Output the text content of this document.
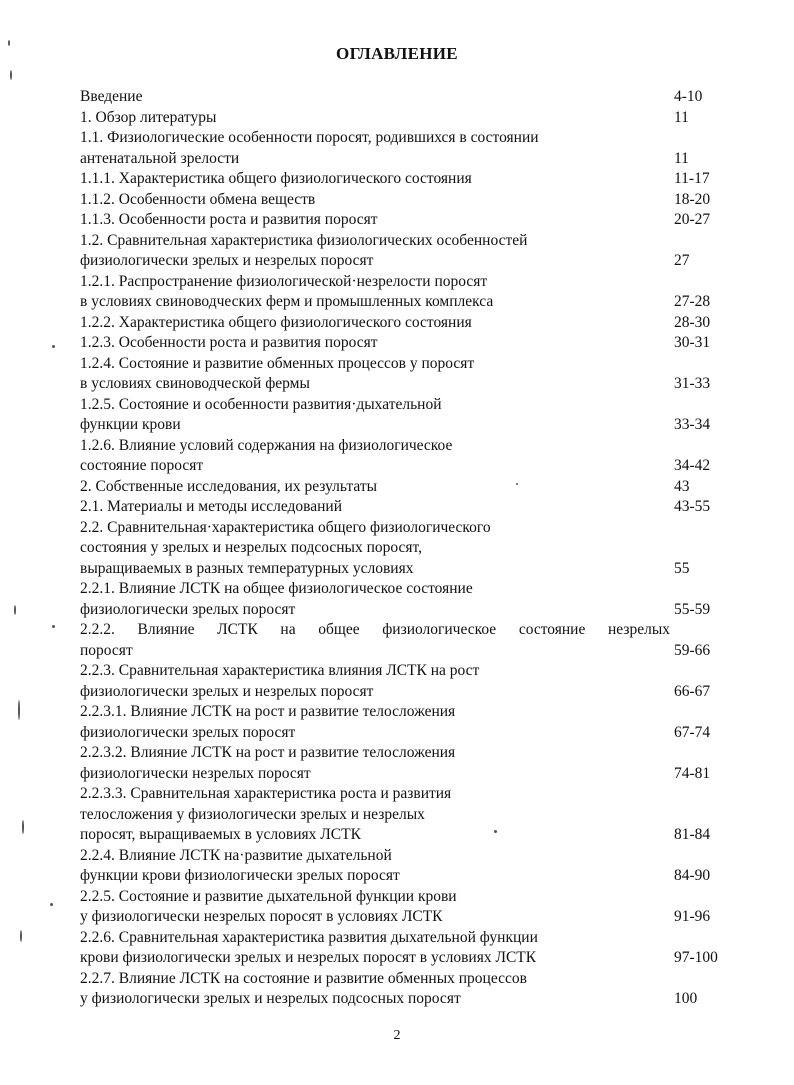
ОГЛАВЛЕНИЕ
Введение	4-10
1. Обзор литературы	11
1.1. Физиологические особенности поросят, родившихся в состоянии
антенатальной зрелости	11
1.1.1. Характеристика общего физиологического состояния	11-17
1.1.2. Особенности обмена веществ	18-20
1.1.3. Особенности роста и развития поросят	20-27
1.2. Сравнительная характеристика физиологических особенностей
физиологически зрелых и незрелых поросят	27
1.2.1. Распространение физиологической·незрелости поросят
в условиях свиноводческих ферм и промышленных комплекса	27-28
1.2.2. Характеристика общего физиологического состояния	28-30
1.2.3. Особенности роста и развития поросят	30-31
1.2.4. Состояние и развитие обменных процессов у поросят
в условиях свиноводческой фермы	31-33
1.2.5. Состояние и особенности развития·дыхательной
функции крови	33-34
1.2.6. Влияние условий содержания на физиологическое
состояние поросят	34-42
2. Собственные исследования, их результаты	43
2.1. Материалы и методы исследований	43-55
2.2. Сравнительная·характеристика общего физиологического
состояния у зрелых и незрелых подсосных поросят,
выращиваемых в разных температурных условиях	55
2.2.1. Влияние ЛСТК на общее физиологическое состояние
физиологически зрелых поросят	55-59
2.2.2. Влияние ЛСТК на общее физиологическое состояние незрелых
поросят	59-66
2.2.3. Сравнительная характеристика влияния ЛСТК на рост
физиологически зрелых и незрелых поросят	66-67
2.2.3.1. Влияние ЛСТК на рост и развитие телосложения
физиологически зрелых поросят	67-74
2.2.3.2. Влияние ЛСТК на рост и развитие телосложения
физиологически незрелых поросят	74-81
2.2.3.3. Сравнительная характеристика роста и развития
телосложения у физиологически зрелых и незрелых
поросят, выращиваемых в условиях ЛСТК	81-84
2.2.4. Влияние ЛСТК на·развитие дыхательной
функции крови физиологически зрелых поросят	84-90
2.2.5. Состояние и развитие дыхательной функции крови
у физиологически незрелых поросят в условиях ЛСТК	91-96
2.2.6. Сравнительная характеристика развития дыхательной функции
крови физиологически зрелых и незрелых поросят в условиях ЛСТК	97-100
2.2.7. Влияние ЛСТК на состояние и развитие обменных процессов
у физиологически зрелых и незрелых подсосных поросят	100
2
